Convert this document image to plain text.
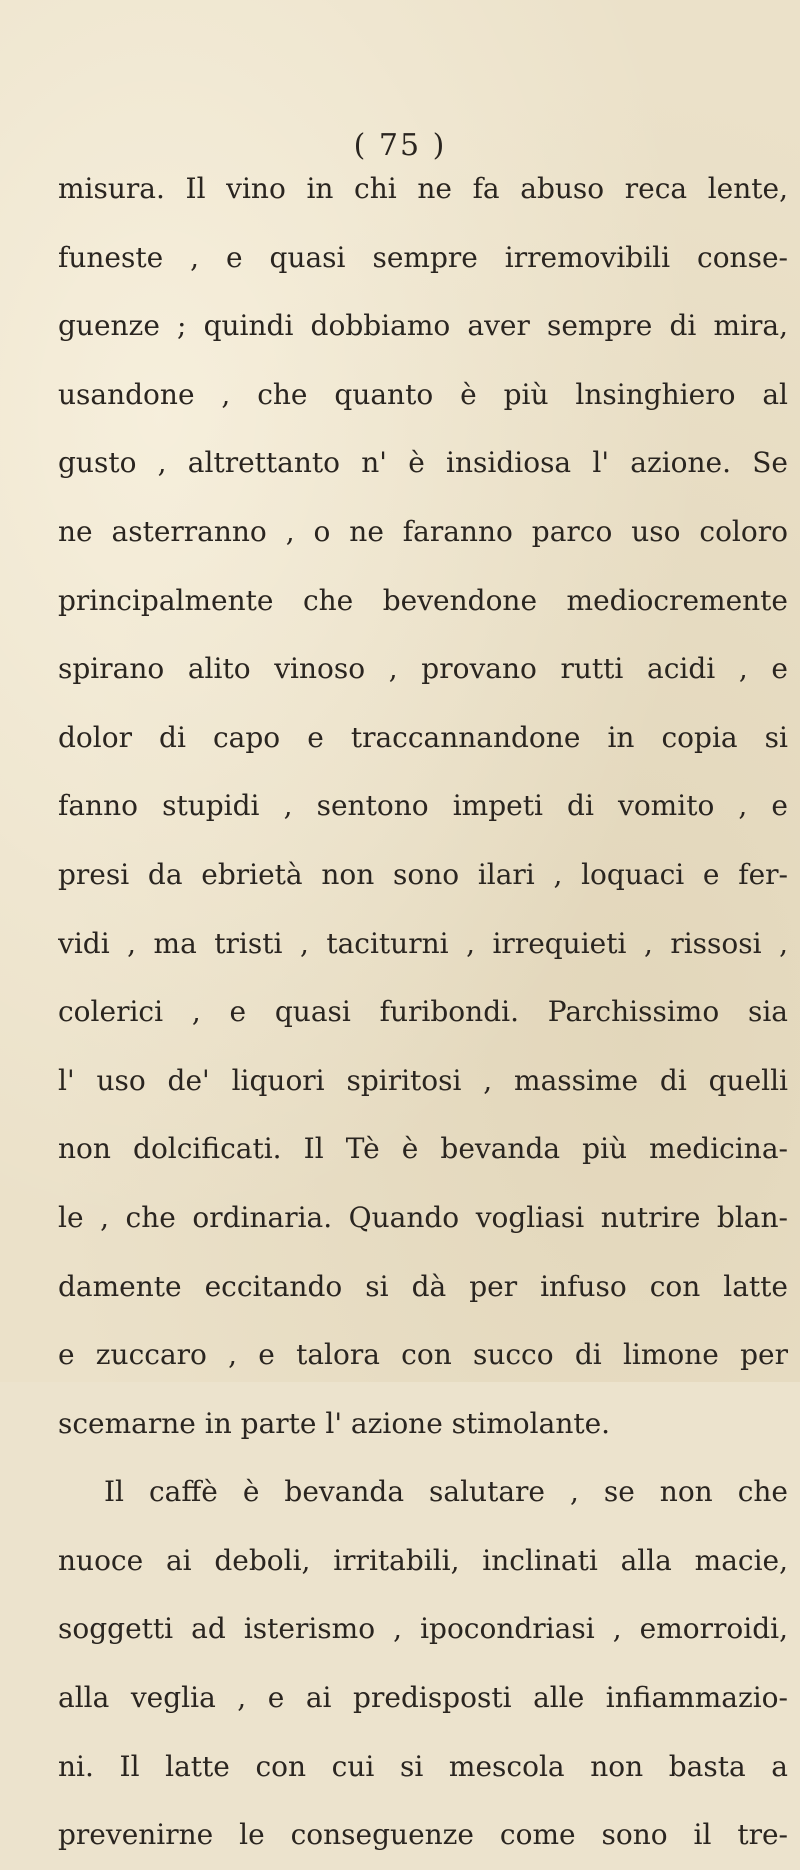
( 75 )
misura. Il vino in chi ne fa abuso reca lente,
funeste , e quasi sempre irremovibili conse-
guenze ; quindi dobbiamo aver sempre di mira,
usandone , che quanto è più lnsinghiero al
gusto , altrettanto n' è insidiosa l' azione. Se
ne asterranno , o ne faranno parco uso coloro
principalmente che bevendone mediocremente
spirano alito vinoso , provano rutti acidi , e
dolor di capo e traccannandone in copia si
fanno stupidi , sentono impeti di vomito , e
presi da ebrietà non sono ilari , loquaci e fer-
vidi , ma tristi , taciturni , irrequieti , rissosi ,
colerici , e quasi furibondi. Parchissimo sia
l' uso de' liquori spiritosi , massime di quelli
non dolcificati. Il Tè è bevanda più medicina-
le , che ordinaria. Quando vogliasi nutrire blan-
damente eccitando si dà per infuso con latte
e zuccaro , e talora con succo di limone per
scemarne in parte l' azione stimolante.
Il caffè è bevanda salutare , se non che
nuoce ai deboli, irritabili, inclinati alla macie,
soggetti ad isterismo , ipocondriasi , emorroidi,
alla veglia , e ai predisposti alle infiammazio-
ni. Il latte con cui si mescola non basta a
prevenirne le conseguenze come sono il tre-
